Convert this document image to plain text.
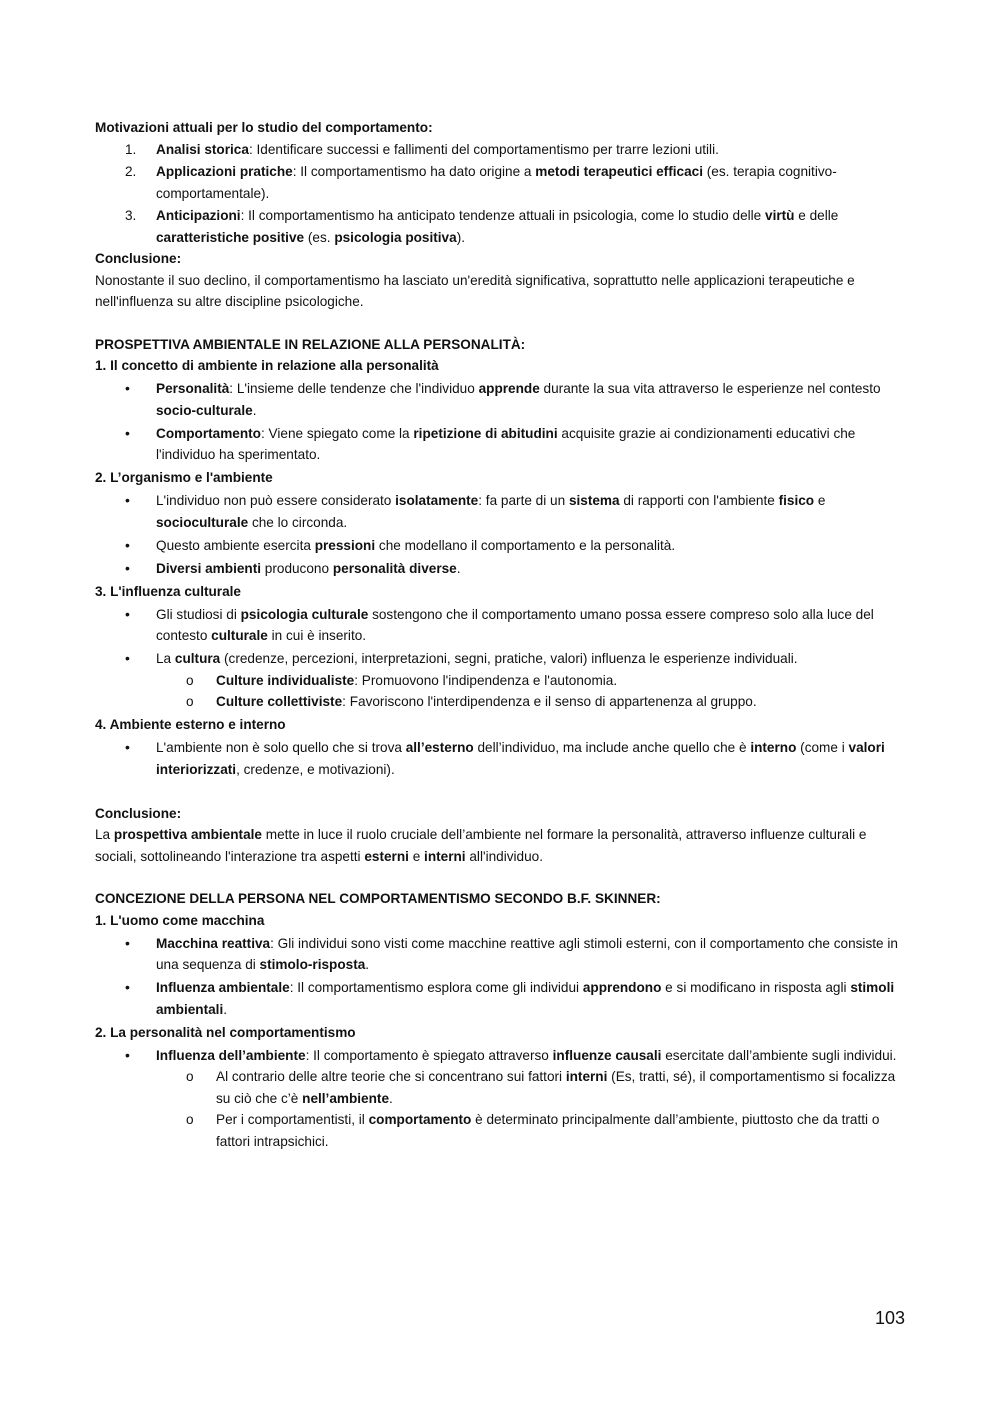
Motivazioni attuali per lo studio del comportamento:

1. Analisi storica: Identificare successi e fallimenti del comportamentismo per trarre lezioni utili.
2. Applicazioni pratiche: Il comportamentismo ha dato origine a metodi terapeutici efficaci (es. terapia cognitivo-comportamentale).
3. Anticipazioni: Il comportamentismo ha anticipato tendenze attuali in psicologia, come lo studio delle virtù e delle caratteristiche positive (es. psicologia positiva).

Conclusione:

Nonostante il suo declino, il comportamentismo ha lasciato un'eredità significativa, soprattutto nelle applicazioni terapeutiche e nell'influenza su altre discipline psicologiche.

PROSPETTIVA AMBIENTALE IN RELAZIONE ALLA PERSONALITÀ:

1. Il concetto di ambiente in relazione alla personalità

• Personalità: L'insieme delle tendenze che l'individuo apprende durante la sua vita attraverso le esperienze nel contesto socio-culturale.
• Comportamento: Viene spiegato come la ripetizione di abitudini acquisite grazie ai condizionamenti educativi che l'individuo ha sperimentato.

2. L’organismo e l'ambiente

• L'individuo non può essere considerato isolatamente: fa parte di un sistema di rapporti con l'ambiente fisico e socioculturale che lo circonda.
• Questo ambiente esercita pressioni che modellano il comportamento e la personalità.
• Diversi ambienti producono personalità diverse.

3. L'influenza culturale

• Gli studiosi di psicologia culturale sostengono che il comportamento umano possa essere compreso solo alla luce del contesto culturale in cui è inserito.
• La cultura (credenze, percezioni, interpretazioni, segni, pratiche, valori) influenza le esperienze individuali.
o Culture individualiste: Promuovono l'indipendenza e l'autonomia.
o Culture collettiviste: Favoriscono l'interdipendenza e il senso di appartenenza al gruppo.

4. Ambiente esterno e interno

• L'ambiente non è solo quello che si trova all’esterno dell’individuo, ma include anche quello che è interno (come i valori interiorizzati, credenze, e motivazioni).

Conclusione:

La prospettiva ambientale mette in luce il ruolo cruciale dell’ambiente nel formare la personalità, attraverso influenze culturali e sociali, sottolineando l'interazione tra aspetti esterni e interni all'individuo.

CONCEZIONE DELLA PERSONA NEL COMPORTAMENTISMO SECONDO B.F. SKINNER:

1. L'uomo come macchina

• Macchina reattiva: Gli individui sono visti come macchine reattive agli stimoli esterni, con il comportamento che consiste in una sequenza di stimolo-risposta.
• Influenza ambientale: Il comportamentismo esplora come gli individui apprendono e si modificano in risposta agli stimoli ambientali.

2. La personalità nel comportamentismo

• Influenza dell’ambiente: Il comportamento è spiegato attraverso influenze causali esercitate dall’ambiente sugli individui.
o Al contrario delle altre teorie che si concentrano sui fattori interni (Es, tratti, sé), il comportamentismo si focalizza su ciò che c’è nell’ambiente.
o Per i comportamentisti, il comportamento è determinato principalmente dall’ambiente, piuttosto che da tratti o fattori intrapsichici.
103
